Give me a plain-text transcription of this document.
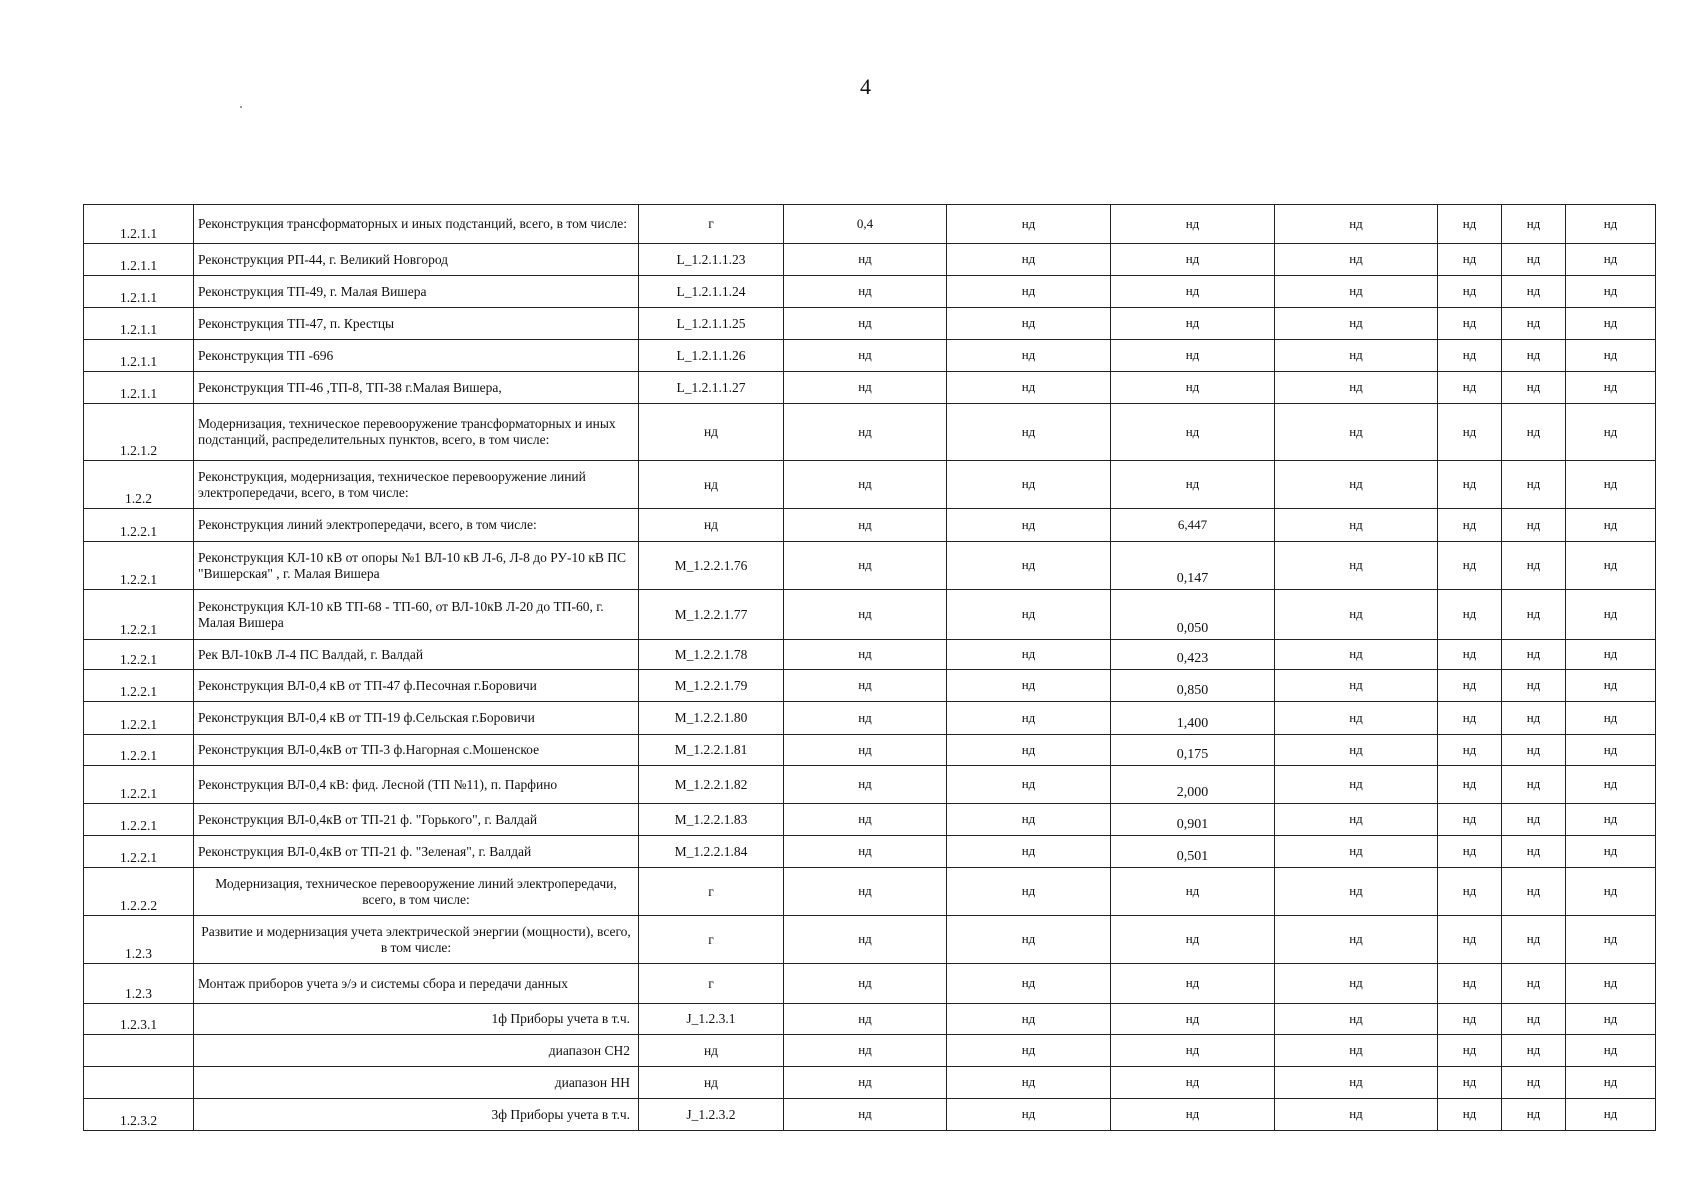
4
1.2.1.1	Реконструкция трансформаторных и иных подстанций, всего, в том числе:	г	0,4	нд	нд	нд	нд	нд	нд
1.2.1.1	Реконструкция РП-44, г. Великий Новгород	L_1.2.1.1.23	нд	нд	нд	нд	нд	нд	нд
1.2.1.1	Реконструкция ТП-49, г. Малая Вишера	L_1.2.1.1.24	нд	нд	нд	нд	нд	нд	нд
1.2.1.1	Реконструкция ТП-47, п. Крестцы	L_1.2.1.1.25	нд	нд	нд	нд	нд	нд	нд
1.2.1.1	Реконструкция ТП -696	L_1.2.1.1.26	нд	нд	нд	нд	нд	нд	нд
1.2.1.1	Реконструкция ТП-46 ,ТП-8, ТП-38 г.Малая Вишера,	L_1.2.1.1.27	нд	нд	нд	нд	нд	нд	нд
1.2.1.2	Модернизация, техническое перевооружение трансформаторных и иных подстанций, распределительных пунктов, всего, в том числе:	нд	нд	нд	нд	нд	нд	нд	нд
1.2.2	Реконструкция, модернизация, техническое перевооружение линий электропередачи, всего, в том числе:	нд	нд	нд	нд	нд	нд	нд	нд
1.2.2.1	Реконструкция линий электропередачи, всего, в том числе:	нд	нд	нд	6,447	нд	нд	нд	нд
1.2.2.1	Реконструкция КЛ-10 кВ от опоры №1 ВЛ-10 кВ Л-6, Л-8 до РУ-10 кВ ПС "Вишерская" , г. Малая Вишера	М_1.2.2.1.76	нд	нд	0,147	нд	нд	нд	нд
1.2.2.1	Реконструкция КЛ-10 кВ ТП-68 - ТП-60, от ВЛ-10кВ Л-20 до ТП-60, г. Малая Вишера	М_1.2.2.1.77	нд	нд	0,050	нд	нд	нд	нд
1.2.2.1	Рек ВЛ-10кВ Л-4 ПС Валдай, г. Валдай	М_1.2.2.1.78	нд	нд	0,423	нд	нд	нд	нд
1.2.2.1	Реконструкция ВЛ-0,4 кВ от ТП-47 ф.Песочная г.Боровичи	М_1.2.2.1.79	нд	нд	0,850	нд	нд	нд	нд
1.2.2.1	Реконструкция ВЛ-0,4 кВ от ТП-19 ф.Сельская г.Боровичи	М_1.2.2.1.80	нд	нд	1,400	нд	нд	нд	нд
1.2.2.1	Реконструкция ВЛ-0,4кВ от ТП-3 ф.Нагорная с.Мошенское	М_1.2.2.1.81	нд	нд	0,175	нд	нд	нд	нд
1.2.2.1	Реконструкция ВЛ-0,4 кВ: фид. Лесной (ТП №11), п. Парфино	М_1.2.2.1.82	нд	нд	2,000	нд	нд	нд	нд
1.2.2.1	Реконструкция ВЛ-0,4кВ от ТП-21 ф. "Горького", г. Валдай	М_1.2.2.1.83	нд	нд	0,901	нд	нд	нд	нд
1.2.2.1	Реконструкция ВЛ-0,4кВ от ТП-21 ф. "Зеленая", г. Валдай	М_1.2.2.1.84	нд	нд	0,501	нд	нд	нд	нд
1.2.2.2	Модернизация, техническое перевооружение линий электропередачи, всего, в том числе:	г	нд	нд	нд	нд	нд	нд	нд
1.2.3	Развитие и модернизация учета электрической энергии (мощности), всего, в том числе:	г	нд	нд	нд	нд	нд	нд	нд
1.2.3	Монтаж приборов учета э/э и системы сбора и передачи данных	г	нд	нд	нд	нд	нд	нд	нд
1.2.3.1	1ф Приборы учета в т.ч.	J_1.2.3.1	нд	нд	нд	нд	нд	нд	нд
	диапазон СН2	нд	нд	нд	нд	нд	нд	нд	нд
	диапазон НН	нд	нд	нд	нд	нд	нд	нд	нд
1.2.3.2	3ф Приборы учета в т.ч.	J_1.2.3.2	нд	нд	нд	нд	нд	нд	нд
